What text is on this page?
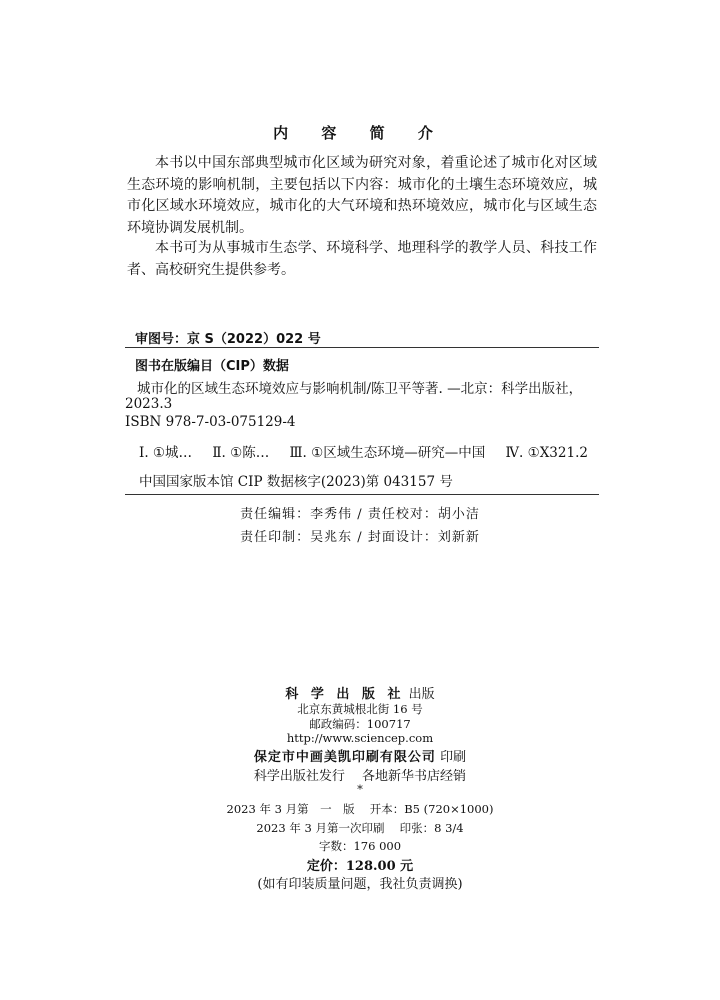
内 容 简 介

本书以中国东部典型城市化区域为研究对象，着重论述了城市化对区域生态环境的影响机制，主要包括以下内容：城市化的土壤生态环境效应，城市化区域水环境效应，城市化的大气环境和热环境效应，城市化与区域生态环境协调发展机制。

本书可为从事城市生态学、环境科学、地理科学的教学人员、科技工作者、高校研究生提供参考。

审图号：京 S（2022）022 号
图书在版编目（CIP）数据
城市化的区域生态环境效应与影响机制/陈卫平等著. —北京：科学出版社，
2023.3
ISBN 978-7-03-075129-4
Ⅰ. ①城… Ⅱ. ①陈… Ⅲ. ①区域生态环境—研究—中国 Ⅳ. ①X321.2
中国国家版本馆 CIP 数据核字(2023)第 043157 号
责任编辑：李秀伟 / 责任校对：胡小洁
责任印制：吴兆东 / 封面设计：刘新新
科 学 出 版 社 出版
北京东黄城根北街 16 号
邮政编码：100717
http://www.sciencep.com
保定市中画美凯印刷有限公司 印刷
科学出版社发行　 各地新华书店经销
*
2023 年 3 月第　一　版　 开本：B5 (720×1000)
2023 年 3 月第一次印刷　 印张：8 3/4
字数：176 000
定价：128.00 元
(如有印装质量问题，我社负责调换)
